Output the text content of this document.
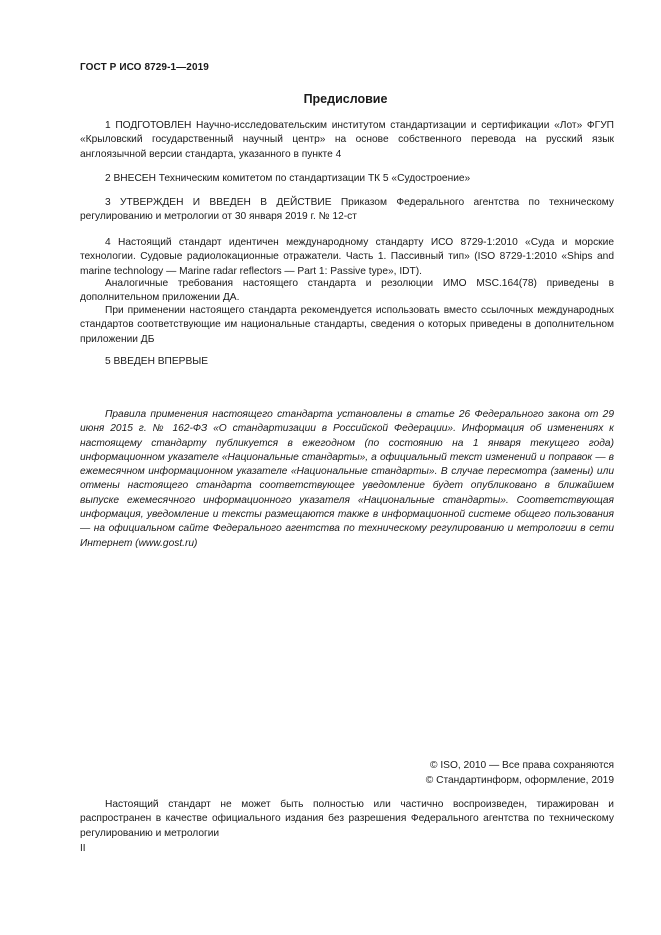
ГОСТ Р ИСО 8729-1—2019
Предисловие
1 ПОДГОТОВЛЕН Научно-исследовательским институтом стандартизации и сертификации «Лот» ФГУП «Крыловский государственный научный центр» на основе собственного перевода на русский язык англоязычной версии стандарта, указанного в пункте 4
2 ВНЕСЕН Техническим комитетом по стандартизации ТК 5 «Судостроение»
3 УТВЕРЖДЕН И ВВЕДЕН В ДЕЙСТВИЕ Приказом Федерального агентства по техническому регулированию и метрологии от 30 января 2019 г. № 12-ст
4 Настоящий стандарт идентичен международному стандарту ИСО 8729-1:2010 «Суда и морские технологии. Судовые радиолокационные отражатели. Часть 1. Пассивный тип» (ISO 8729-1:2010 «Ships and marine technology — Marine radar reflectors — Part 1: Passive type», IDT).
Аналогичные требования настоящего стандарта и резолюции ИМО MSC.164(78) приведены в дополнительном приложении ДА.
При применении настоящего стандарта рекомендуется использовать вместо ссылочных международных стандартов соответствующие им национальные стандарты, сведения о которых приведены в дополнительном приложении ДБ
5 ВВЕДЕН ВПЕРВЫЕ
Правила применения настоящего стандарта установлены в статье 26 Федерального закона от 29 июня 2015 г. № 162-ФЗ «О стандартизации в Российской Федерации». Информация об изменениях к настоящему стандарту публикуется в ежегодном (по состоянию на 1 января текущего года) информационном указателе «Национальные стандарты», а официальный текст изменений и поправок — в ежемесячном информационном указателе «Национальные стандарты». В случае пересмотра (замены) или отмены настоящего стандарта соответствующее уведомление будет опубликовано в ближайшем выпуске ежемесячного информационного указателя «Национальные стандарты». Соответствующая информация, уведомление и тексты размещаются также в информационной системе общего пользования — на официальном сайте Федерального агентства по техническому регулированию и метрологии в сети Интернет (www.gost.ru)
© ISO, 2010 — Все права сохраняются
© Стандартинформ, оформление, 2019
Настоящий стандарт не может быть полностью или частично воспроизведен, тиражирован и распространен в качестве официального издания без разрешения Федерального агентства по техническому регулированию и метрологии
II
